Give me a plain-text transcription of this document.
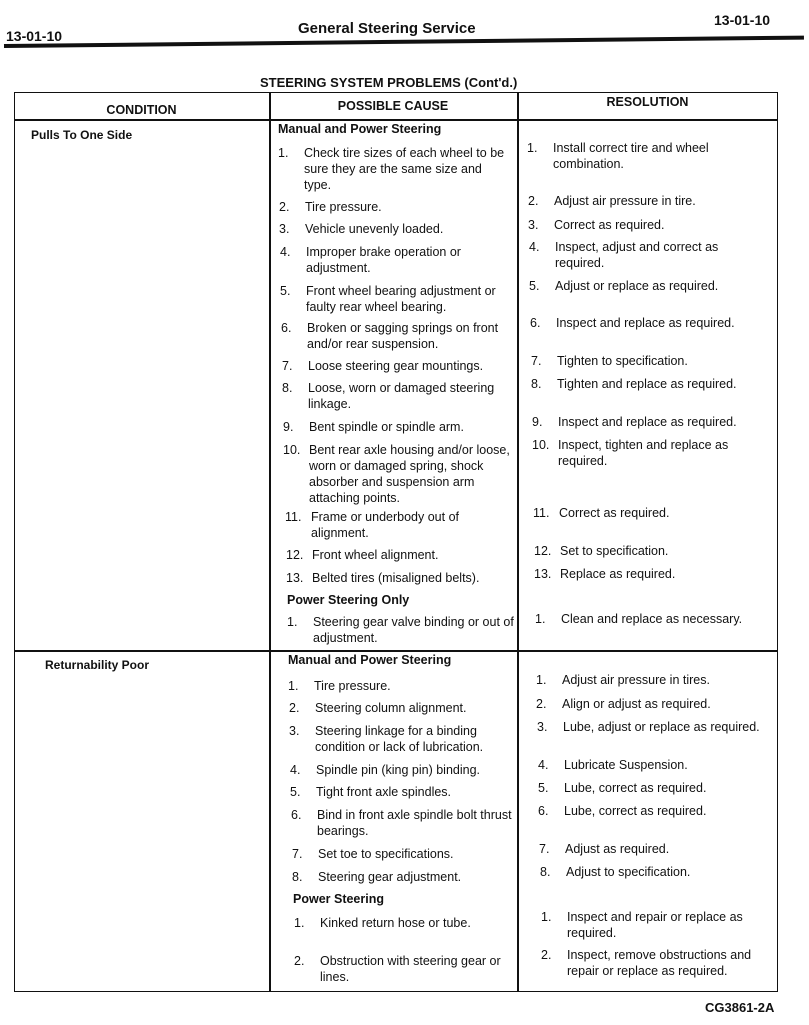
13-01-10	General Steering Service	13-01-10
STEERING SYSTEM PROBLEMS (Cont'd.)
CONDITION	POSSIBLE CAUSE	RESOLUTION
Pulls To One Side	Manual and Power Steering
1.	Check tire sizes of each wheel to be sure they are the same size and type.
1.	Install correct tire and wheel combination.
2.	Tire pressure.	2.	Adjust air pressure in tire.
3.	Vehicle unevenly loaded.	3.	Correct as required.
4.	Improper brake operation or adjustment.
4.	Inspect, adjust and correct as required.
5.	Front wheel bearing adjustment or faulty rear wheel bearing.
5.	Adjust or replace as required.
6.	Broken or sagging springs on front and/or rear suspension.
6.	Inspect and replace as required.
7.	Loose steering gear mountings.	7.	Tighten to specification.
8.	Loose, worn or damaged steering linkage.
8.	Tighten and replace as required.
9.	Bent spindle or spindle arm.	9.	Inspect and replace as required.
10. Bent rear axle housing and/or loose, worn or damaged spring, shock absorber and suspension arm attaching points.
10. Inspect, tighten and replace as required.
11. Frame or underbody out of alignment.
11. Correct as required.
12. Front wheel alignment.	12. Set to specification.
13. Belted tires (misaligned belts).	13. Replace as required.
Power Steering Only
1.	Steering gear valve binding or out of adjustment.
1.	Clean and replace as necessary.
Returnability Poor	Manual and Power Steering
1.	Tire pressure.	1.	Adjust air pressure in tires.
2.	Steering column alignment.	2.	Align or adjust as required.
3.	Steering linkage for a binding condition or lack of lubrication.
3.	Lube, adjust or replace as required.
4.	Spindle pin (king pin) binding.	4.	Lubricate Suspension.
5.	Tight front axle spindles.	5.	Lube, correct as required.
6.	Bind in front axle spindle bolt thrust bearings.
6.	Lube, correct as required.
7.	Set toe to specifications.	7.	Adjust as required.
8.	Steering gear adjustment.	8.	Adjust to specification.
Power Steering
1.	Kinked return hose or tube.	1.	Inspect and repair or replace as required.
2.	Obstruction with steering gear or lines.
2.	Inspect, remove obstructions and repair or replace as required.
CG3861-2A
